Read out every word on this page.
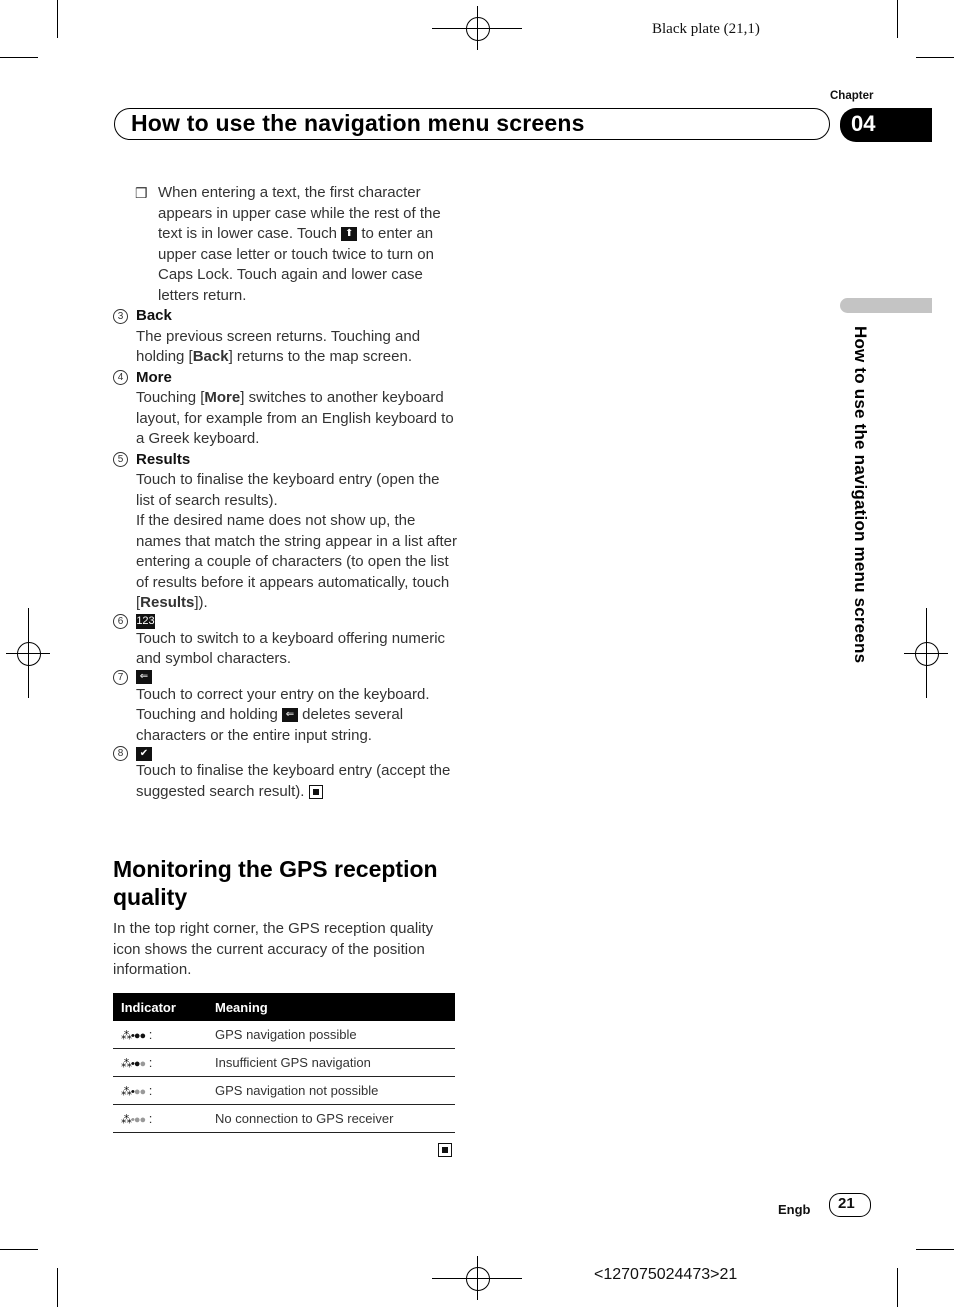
Black plate (21,1)
Chapter
04
How to use the navigation menu screens
How to use the navigation menu screens
❒ When entering a text, the first character appears in upper case while the rest of the text is in lower case. Touch ⬆ to enter an upper case letter or touch twice to turn on Caps Lock. Touch again and lower case letters return.
3 Back
The previous screen returns. Touching and holding [Back] returns to the map screen.
4 More
Touching [More] switches to another keyboard layout, for example from an English keyboard to a Greek keyboard.
5 Results
Touch to finalise the keyboard entry (open the list of search results).
If the desired name does not show up, the names that match the string appear in a list after entering a couple of characters (to open the list of results before it appears automatically, touch [Results]).
6	123
Touch to switch to a keyboard offering numeric and symbol characters.
7	⇐
Touch to correct your entry on the keyboard. Touching and holding ⇐ deletes several characters or the entire input string.
8	✔
Touch to finalise the keyboard entry (accept the suggested search result).
Monitoring the GPS reception quality
In the top right corner, the GPS reception quality icon shows the current accuracy of the position information.
Indicator	Meaning
⁂•●● :	GPS navigation possible
⁂•●● :	Insufficient GPS navigation
⁂•●● :	GPS navigation not possible
⁂•●● :	No connection to GPS receiver
Engb 21
<127075024473>21
